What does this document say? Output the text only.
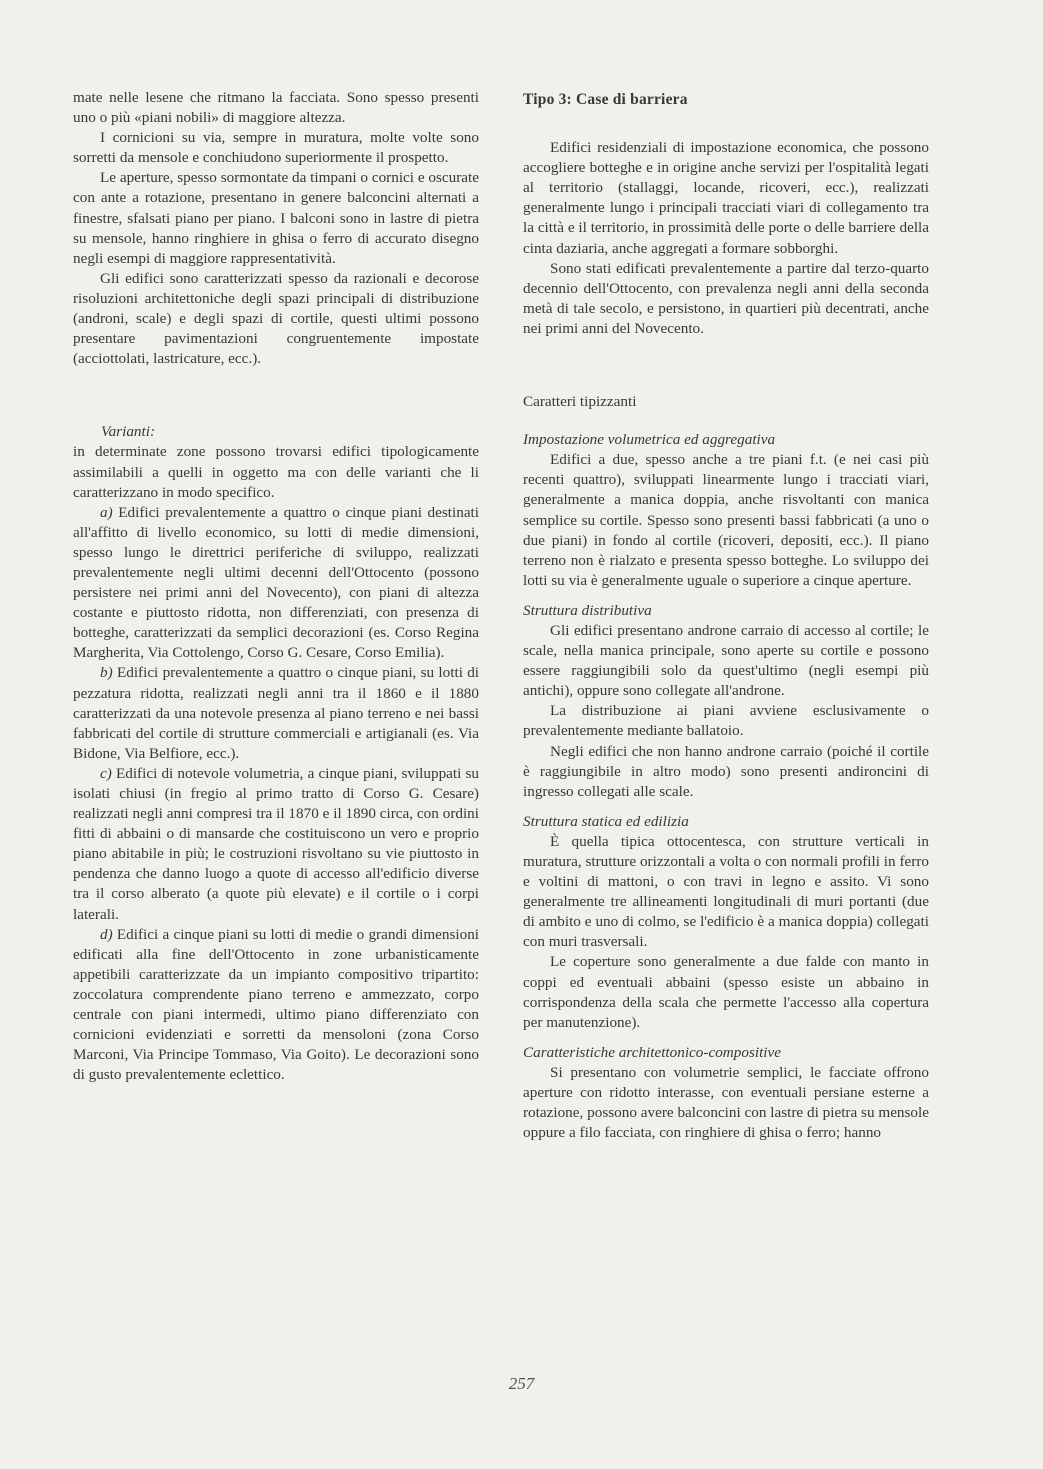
mate nelle lesene che ritmano la facciata. Sono spesso presenti uno o più «piani nobili» di maggiore altezza.

I cornicioni su via, sempre in muratura, molte volte sono sorretti da mensole e conchiudono superiormente il prospetto.

Le aperture, spesso sormontate da timpani o cornici e oscurate con ante a rotazione, presentano in genere balconcini alternati a finestre, sfalsati piano per piano. I balconi sono in lastre di pietra su mensole, hanno ringhiere in ghisa o ferro di accurato disegno negli esempi di maggiore rappresentatività.

Gli edifici sono caratterizzati spesso da razionali e decorose risoluzioni architettoniche degli spazi principali di distribuzione (androni, scale) e degli spazi di cortile, questi ultimi possono presentare pavimentazioni congruentemente impostate (acciottolati, lastricature, ecc.).

Varianti:

in determinate zone possono trovarsi edifici tipologicamente assimilabili a quelli in oggetto ma con delle varianti che li caratterizzano in modo specifico.

a) Edifici prevalentemente a quattro o cinque piani destinati all'affitto di livello economico, su lotti di medie dimensioni, spesso lungo le direttrici periferiche di sviluppo, realizzati prevalentemente negli ultimi decenni dell'Ottocento (possono persistere nei primi anni del Novecento), con piani di altezza costante e piuttosto ridotta, non differenziati, con presenza di botteghe, caratterizzati da semplici decorazioni (es. Corso Regina Margherita, Via Cottolengo, Corso G. Cesare, Corso Emilia).

b) Edifici prevalentemente a quattro o cinque piani, su lotti di pezzatura ridotta, realizzati negli anni tra il 1860 e il 1880 caratterizzati da una notevole presenza al piano terreno e nei bassi fabbricati del cortile di strutture commerciali e artigianali (es. Via Bidone, Via Belfiore, ecc.).

c) Edifici di notevole volumetria, a cinque piani, sviluppati su isolati chiusi (in fregio al primo tratto di Corso G. Cesare) realizzati negli anni compresi tra il 1870 e il 1890 circa, con ordini fitti di abbaini o di mansarde che costituiscono un vero e proprio piano abitabile in più; le costruzioni risvoltano su vie piuttosto in pendenza che danno luogo a quote di accesso all'edificio diverse tra il corso alberato (a quote più elevate) e il cortile o i corpi laterali.

d) Edifici a cinque piani su lotti di medie o grandi dimensioni edificati alla fine dell'Ottocento in zone urbanisticamente appetibili caratterizzate da un impianto compositivo tripartito: zoccolatura comprendente piano terreno e ammezzato, corpo centrale con piani intermedi, ultimo piano differenziato con cornicioni evidenziati e sorretti da mensoloni (zona Corso Marconi, Via Principe Tommaso, Via Goito). Le decorazioni sono di gusto prevalentemente eclettico.

Tipo 3: Case di barriera

Edifici residenziali di impostazione economica, che possono accogliere botteghe e in origine anche servizi per l'ospitalità legati al territorio (stallaggi, locande, ricoveri, ecc.), realizzati generalmente lungo i principali tracciati viari di collegamento tra la città e il territorio, in prossimità delle porte o delle barriere della cinta daziaria, anche aggregati a formare sobborghi.

Sono stati edificati prevalentemente a partire dal terzo-quarto decennio dell'Ottocento, con prevalenza negli anni della seconda metà di tale secolo, e persistono, in quartieri più decentrati, anche nei primi anni del Novecento.

Caratteri tipizzanti
Impostazione volumetrica ed aggregativa

Edifici a due, spesso anche a tre piani f.t. (e nei casi più recenti quattro), sviluppati linearmente lungo i tracciati viari, generalmente a manica doppia, anche risvoltanti con manica semplice su cortile. Spesso sono presenti bassi fabbricati (a uno o due piani) in fondo al cortile (ricoveri, depositi, ecc.). Il piano terreno non è rialzato e presenta spesso botteghe. Lo sviluppo dei lotti su via è generalmente uguale o superiore a cinque aperture.

Struttura distributiva

Gli edifici presentano androne carraio di accesso al cortile; le scale, nella manica principale, sono aperte su cortile e possono essere raggiungibili solo da quest'ultimo (negli esempi più antichi), oppure sono collegate all'androne.

La distribuzione ai piani avviene esclusivamente o prevalentemente mediante ballatoio.

Negli edifici che non hanno androne carraio (poiché il cortile è raggiungibile in altro modo) sono presenti andironcini di ingresso collegati alle scale.

Struttura statica ed edilizia

È quella tipica ottocentesca, con strutture verticali in muratura, strutture orizzontali a volta o con normali profili in ferro e voltini di mattoni, o con travi in legno e assito. Vi sono generalmente tre allineamenti longitudinali di muri portanti (due di ambito e uno di colmo, se l'edificio è a manica doppia) collegati con muri trasversali.

Le coperture sono generalmente a due falde con manto in coppi ed eventuali abbaini (spesso esiste un abbaino in corrispondenza della scala che permette l'accesso alla copertura per manutenzione).

Caratteristiche architettonico-compositive

Si presentano con volumetrie semplici, le facciate offrono aperture con ridotto interasse, con eventuali persiane esterne a rotazione, possono avere balconcini con lastre di pietra su mensole oppure a filo facciata, con ringhiere di ghisa o ferro; hanno

257
